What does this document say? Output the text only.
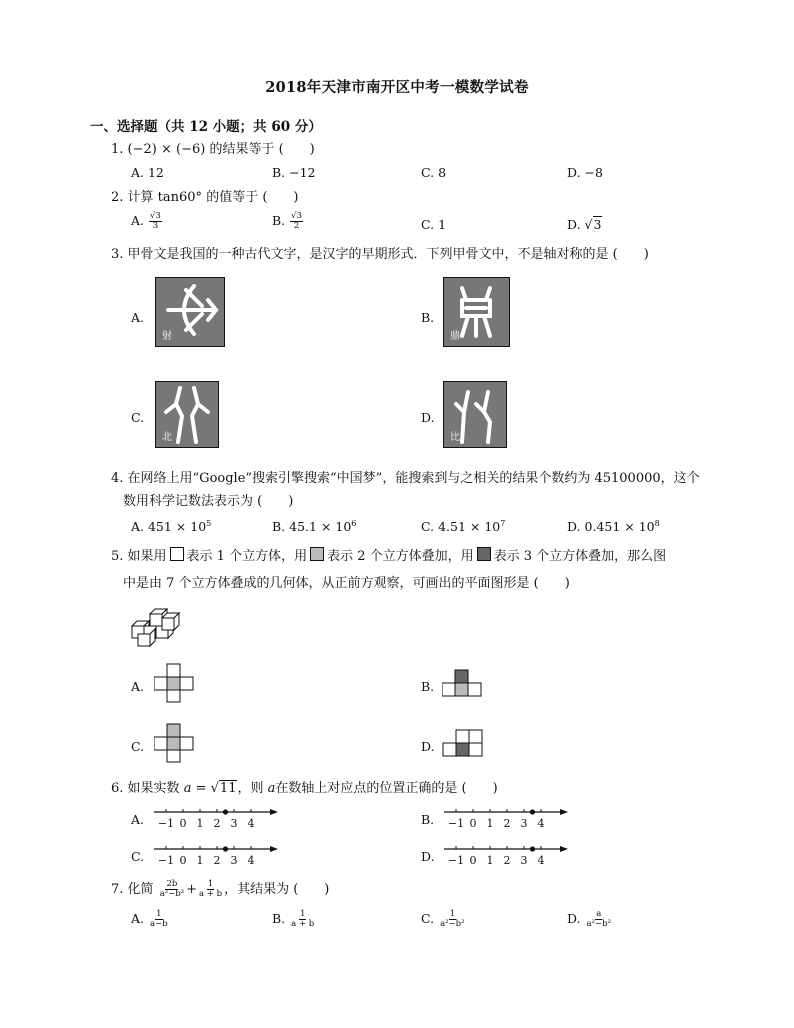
2018年天津市南开区中考一模数学试卷
一、选择题（共 12 小题；共 60 分）
1. (−2) × (−6) 的结果等于 (　　)
A. 12	B. −12	C. 8	D. −8
2. 计算 tan60° 的值等于 (　　)
A. $\frac{√3}{3}$	B. $\frac{√3}{2}$	C. 1	D. √3
3. 甲骨文是我国的一种古代文字，是汉字的早期形式．下列甲骨文中，不是轴对称的是 (　　)
A.
射
B.
鼎
C.
北
D.
比
4. 在网络上用“Google”搜索引擎搜索“中国梦”，能搜索到与之相关的结果个数约为 45100000，这个
数用科学记数法表示为 (　　)
A. $451 \times 10^5$	B. $45.1 \times 10^6$	C. $4.51 \times 10^7$	D. $0.451 \times 10^8$
5. 如果用 表示 1 个立方体，用 表示 2 个立方体叠加，用 表示 3 个立方体叠加，那么图
中是由 7 个立方体叠成的几何体，从正前方观察，可画出的平面图形是 (　　)
A.	B.
C.	D.
6. 如果实数 a = √11，则 a在数轴上对应点的位置正确的是 (　　)
A. −1 0 1 2 3 4	B. −1 0 1 2 3 4
C. −1 0 1 2 3 4	D. −1 0 1 2 3 4
7. 化简 $\frac{2b}{\text{a²−b²}} + \frac{1}{a + b}$ ，其结果为 (　　)
A. $\frac{1}{a-b}$	B. $\frac{1}{a + b}$	C. $\frac{1}{\text{a²−b²}}$	D. $\frac{a}{\text{a²−b²}}$
